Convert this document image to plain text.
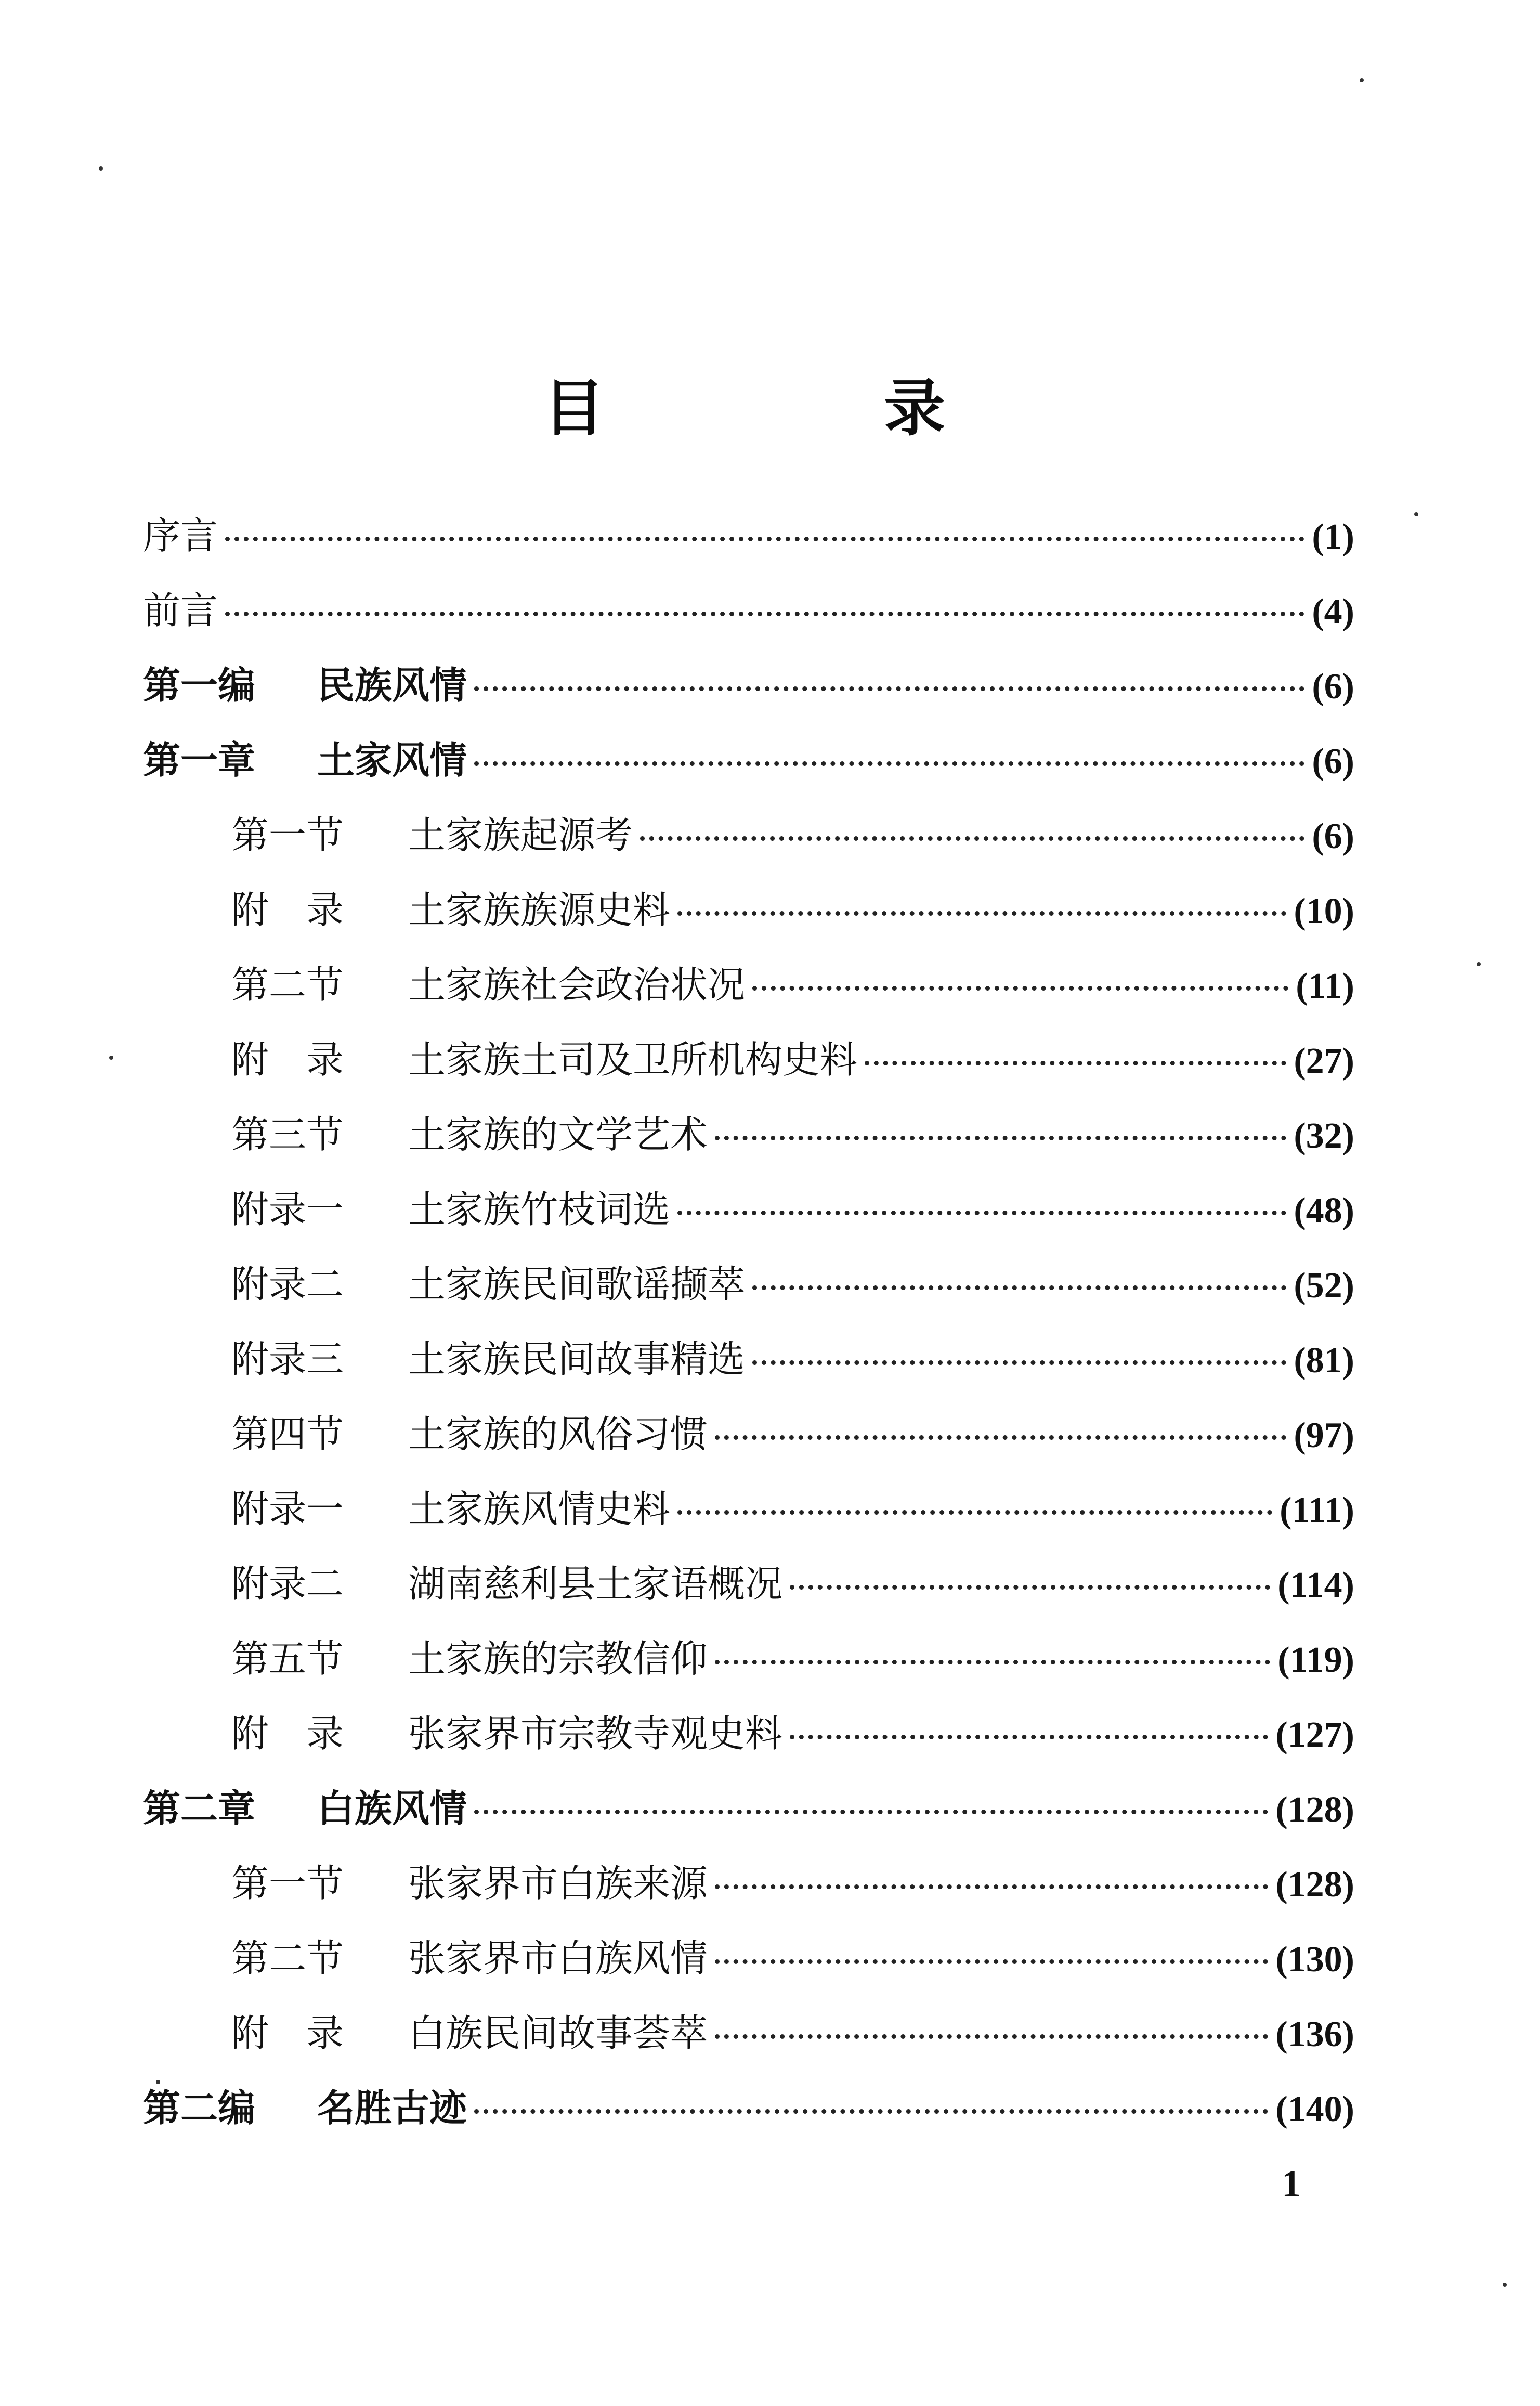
目	录
序言	(1)
前言	(4)
第一编	民族风情	(6)
第一章	土家风情	(6)
第一节	土家族起源考	(6)
附　录	土家族族源史料	(10)
第二节	土家族社会政治状况	(11)
附　录	土家族土司及卫所机构史料	(27)
第三节	土家族的文学艺术	(32)
附录一	土家族竹枝词选	(48)
附录二	土家族民间歌谣撷萃	(52)
附录三	土家族民间故事精选	(81)
第四节	土家族的风俗习惯	(97)
附录一	土家族风情史料	(111)
附录二	湖南慈利县土家语概况	(114)
第五节	土家族的宗教信仰	(119)
附　录	张家界市宗教寺观史料	(127)
第二章	白族风情	(128)
第一节	张家界市白族来源	(128)
第二节	张家界市白族风情	(130)
附　录	白族民间故事荟萃	(136)
第二编	名胜古迹	(140)
1
